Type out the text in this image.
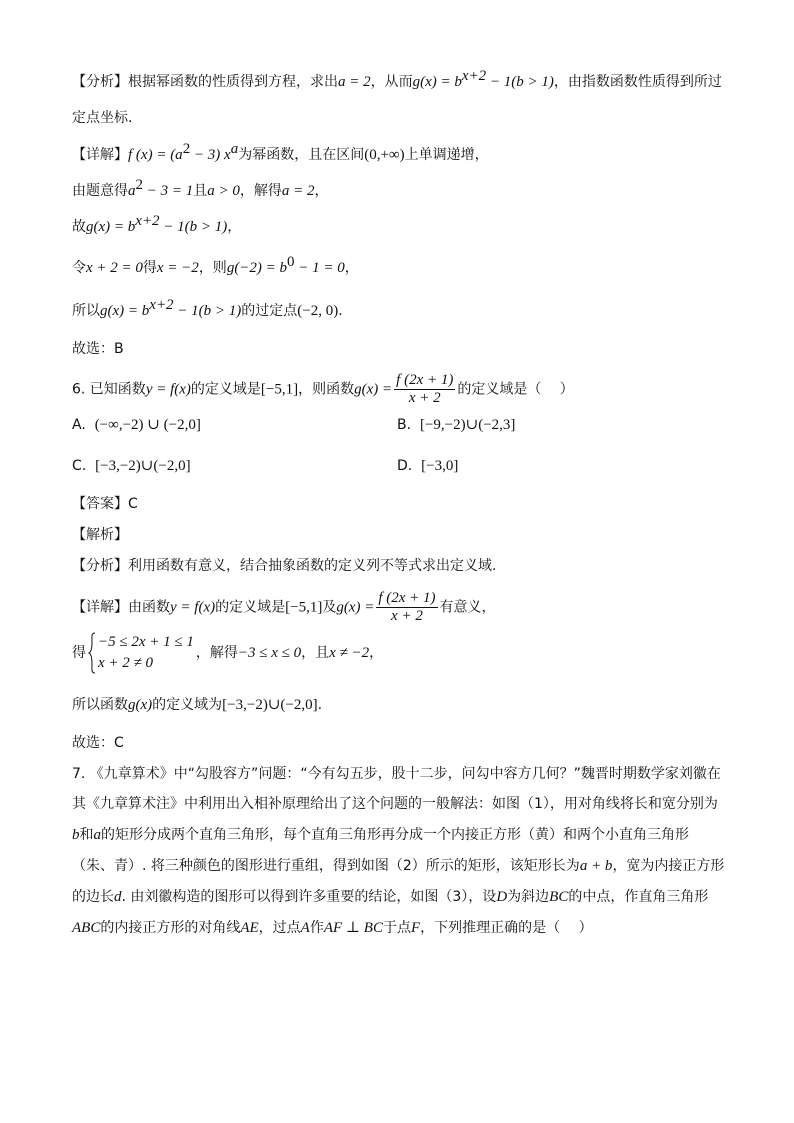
【分析】根据幂函数的性质得到方程，求出a = 2，从而$g(x) = b^{x+2} - 1(b > 1)$，由指数函数性质得到所过
定点坐标.
【详解】f $(x) = (a^2 - 3)$ $x^a$为幂函数，且在区间(0,+∞)上单调递增，
由题意得$a^2 - 3 = 1$且a > 0，解得a = 2，
故$g(x) = b^{x+2} - 1(b > 1)$，
令x + 2 = 0得x = −2，则$g(-2) = b^0 - 1 = 0$，
所以$g(x) = b^{x+2} - 1(b > 1)$的过定点(−2, 0).
故选：B
6. 已知函数y = f(x)的定义域是[−5,1]，则函数$g(x) = \frac{f (2x + 1)}{x + 2}$ 的定义域是（　 ）
A. (−∞,−2) ∪ (−2,0]	B. [−9,−2)∪(−2,3]
C. [−3,−2)∪(−2,0]	D. [−3,0]
【答案】C
【解析】
【分析】利用函数有意义，结合抽象函数的定义列不等式求出定义域.
【详解】由函数y = f(x)的定义域是[−5,1]及$g(x) = \frac{f (2x + 1)}{x + 2}$ 有意义，
得
−5 ≤ 2x + 1 ≤ 1
x + 2 ≠ 0
，解得−3 ≤ x ≤ 0，且x ≠ −2，
所以函数g(x)的定义域为[−3,−2)∪(−2,0].
故选：C
7. 《九章算术》中“勾股容方”问题：“今有勾五步，股十二步，问勾中容方几何？”魏晋时期数学家刘徽在
其《九章算术注》中利用出入相补原理给出了这个问题的一般解法：如图（1），用对角线将长和宽分别为
b和a的矩形分成两个直角三角形，每个直角三角形再分成一个内接正方形（黄）和两个小直角三角形
（朱、青）. 将三种颜色的图形进行重组，得到如图（2）所示的矩形，该矩形长为a + b，宽为内接正方形
的边长d. 由刘徽构造的图形可以得到许多重要的结论，如图（3），设D为斜边BC的中点，作直角三角形
ABC的内接正方形的对角线AE，过点A作AF ⊥ BC于点F，下列推理正确的是（　 ）
